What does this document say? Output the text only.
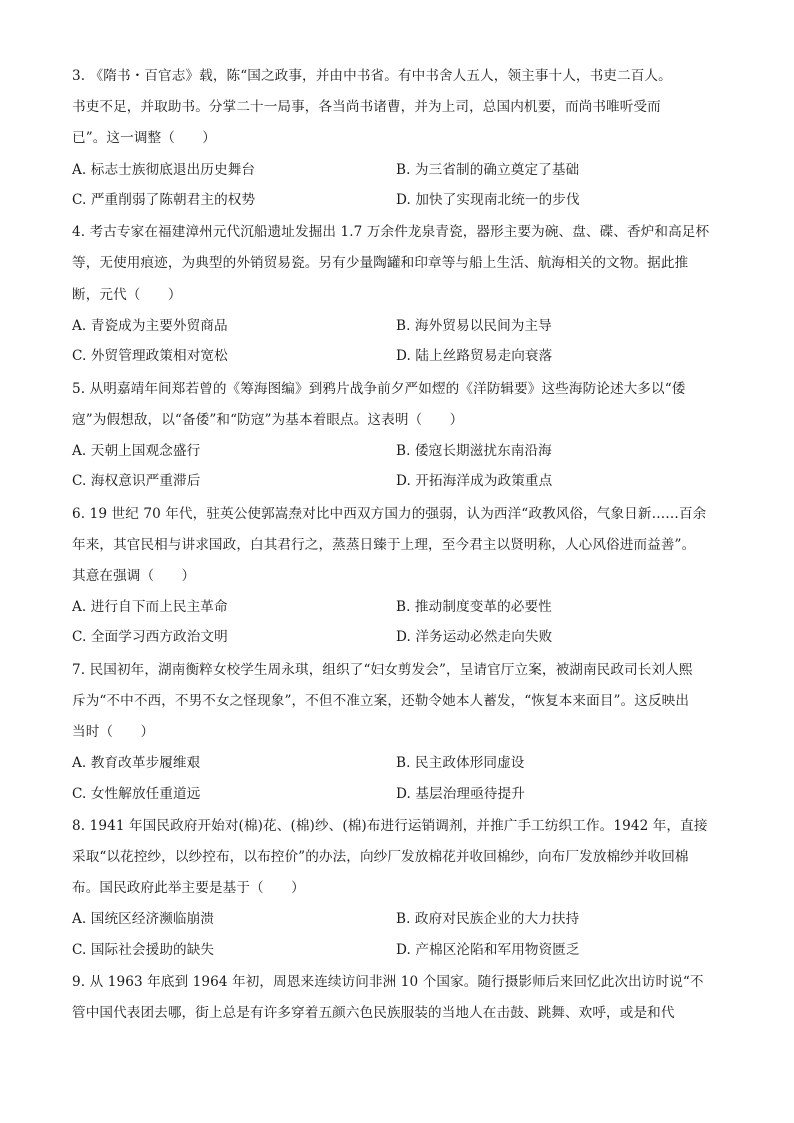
3. 《隋书・百官志》载，陈“国之政事，并由中书省。有中书舍人五人，领主事十人，书吏二百人。
书吏不足，并取助书。分掌二十一局事，各当尚书诸曹，并为上司，总国内机要，而尚书唯听受而
已”。这一调整（　　）
A. 标志士族彻底退出历史舞台	B. 为三省制的确立奠定了基础
C. 严重削弱了陈朝君主的权势	D. 加快了实现南北统一的步伐
4. 考古专家在福建漳州元代沉船遗址发掘出 1.7 万余件龙泉青瓷，器形主要为碗、盘、碟、香炉和高足杯
等，无使用痕迹，为典型的外销贸易瓷。另有少量陶罐和印章等与船上生活、航海相关的文物。据此推
断，元代（　　）
A. 青瓷成为主要外贸商品	B. 海外贸易以民间为主导
C. 外贸管理政策相对宽松	D. 陆上丝路贸易走向衰落
5. 从明嘉靖年间郑若曾的《筹海图编》到鸦片战争前夕严如熤的《洋防辑要》这些海防论述大多以“倭
寇”为假想敌，以“备倭”和“防寇”为基本着眼点。这表明（　　）
A. 天朝上国观念盛行	B. 倭寇长期滋扰东南沿海
C. 海权意识严重滞后	D. 开拓海洋成为政策重点
6. 19 世纪 70 年代，驻英公使郭嵩焘对比中西双方国力的强弱，认为西洋“政教风俗，气象日新……百余
年来，其官民相与讲求国政，白其君行之，蒸蒸日臻于上理，至今君主以贤明称，人心风俗进而益善”。
其意在强调（　　）
A. 进行自下而上民主革命	B. 推动制度变革的必要性
C. 全面学习西方政治文明	D. 洋务运动必然走向失败
7. 民国初年，湖南衡粹女校学生周永琪，组织了“妇女剪发会”，呈请官厅立案，被湖南民政司长刘人熙
斥为“不中不西，不男不女之怪现象”，不但不准立案，还勒令她本人蓄发，“恢复本来面目”。这反映出
当时（　　）
A. 教育改革步履维艰	B. 民主政体形同虚设
C. 女性解放任重道远	D. 基层治理亟待提升
8. 1941 年国民政府开始对(棉)花、(棉)纱、(棉)布进行运销调剂，并推广手工纺织工作。1942 年，直接
采取“以花控纱，以纱控布，以布控价”的办法，向纱厂发放棉花并收回棉纱，向布厂发放棉纱并收回棉
布。国民政府此举主要是基于（　　）
A. 国统区经济濒临崩溃	B. 政府对民族企业的大力扶持
C. 国际社会援助的缺失	D. 产棉区沦陷和军用物资匮乏
9. 从 1963 年底到 1964 年初，周恩来连续访问非洲 10 个国家。随行摄影师后来回忆此次出访时说“不
管中国代表团去哪，街上总是有许多穿着五颜六色民族服装的当地人在击鼓、跳舞、欢呼，或是和代
